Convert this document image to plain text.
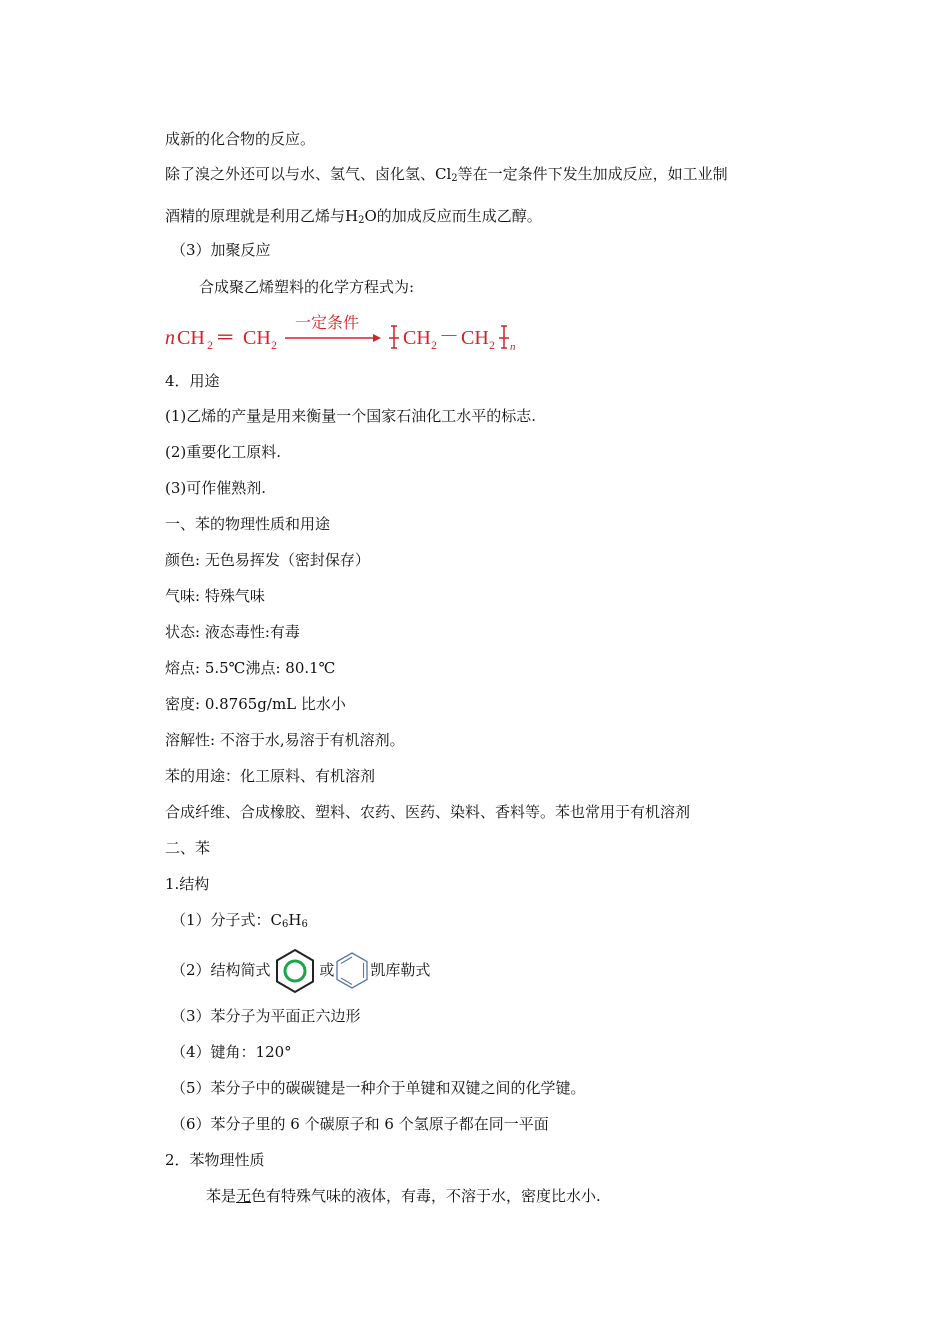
成新的化合物的反应。
除了溴之外还可以与水、氢气、卤化氢、$Cl_2$等在一定条件下发生加成反应，如工业制
酒精的原理就是利用乙烯与$H_2O$的加成反应而生成乙醇。
（3）加聚反应
合成聚乙烯塑料的化学方程式为:
n CH 2 ═ CH 2
一定条件
CH 2 － CH 2 n
4．用途
(1)乙烯的产量是用来衡量一个国家石油化工水平的标志.
(2)重要化工原料.
(3)可作催熟剂.
一、苯的物理性质和用途
颜色: 无色易挥发（密封保存）
气味: 特殊气味
状态: 液态毒性:有毒
熔点: 5.5℃沸点: 80.1℃
密度: 0.8765g/mL 比水小
溶解性: 不溶于水,易溶于有机溶剂。
苯的用途：化工原料、有机溶剂
合成纤维、合成橡胶、塑料、农药、医药、染料、香料等。苯也常用于有机溶剂
二、苯
1.结构
（1）分子式：$C_6H_6$
（2）结构简式	或 凯库勒式
（3）苯分子为平面正六边形
（4）键角：120°
（5）苯分子中的碳碳键是一种介于单键和双键之间的化学键。
（6）苯分子里的 6 个碳原子和 6 个氢原子都在同一平面
2．苯物理性质
苯是无色有特殊气味的液体，有毒，不溶于水，密度比水小.
